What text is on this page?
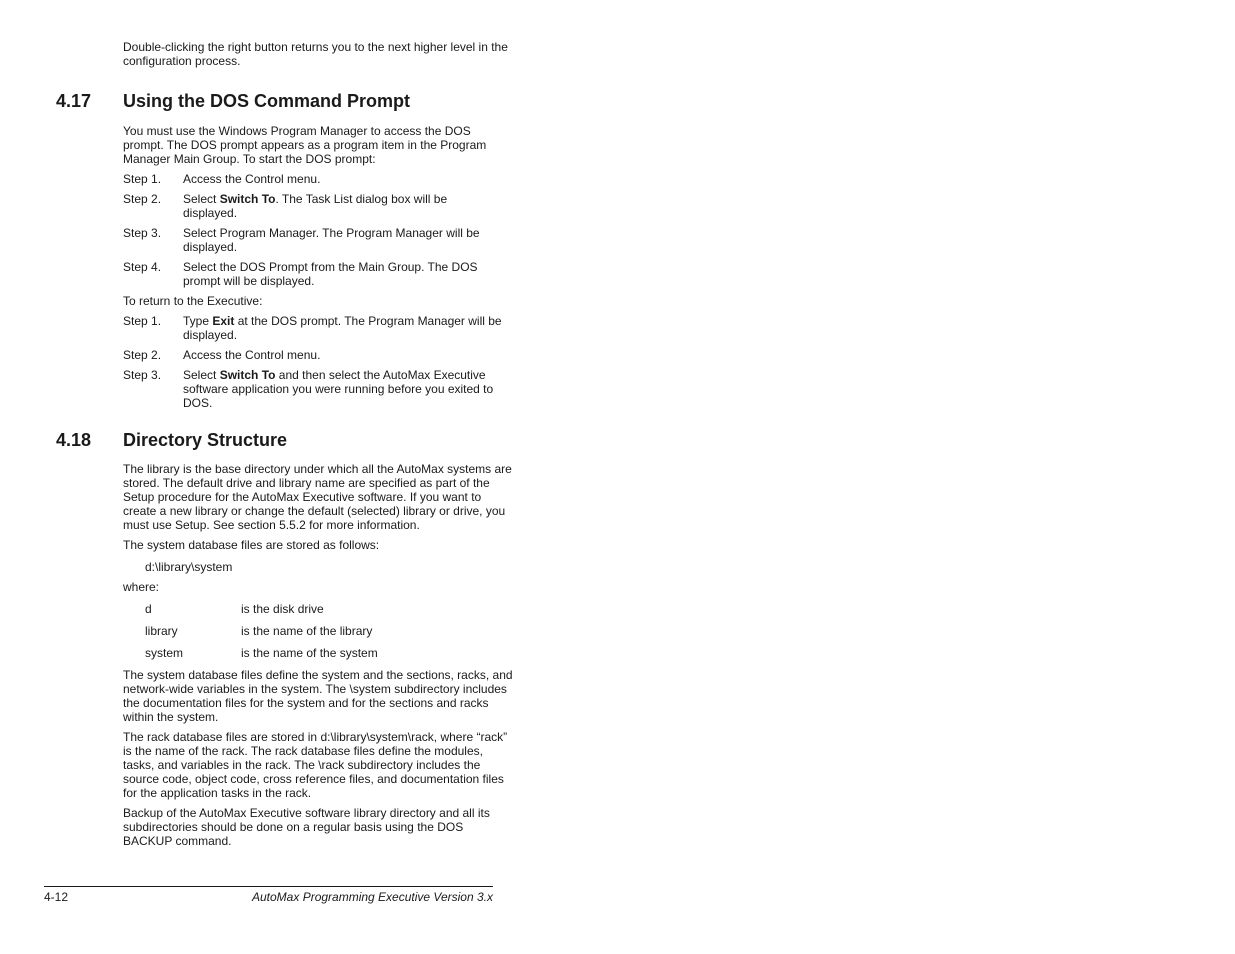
Double-clicking the right button returns you to the next higher level in the configuration process.
4.17 Using the DOS Command Prompt

You must use the Windows Program Manager to access the DOS prompt. The DOS prompt appears as a program item in the Program Manager Main Group. To start the DOS prompt:

Step 1.	Access the Control menu.
Step 2.	Select Switch To. The Task List dialog box will be displayed.
Step 3.	Select Program Manager. The Program Manager will be displayed.
Step 4.	Select the DOS Prompt from the Main Group. The DOS prompt will be displayed.

To return to the Executive:

Step 1.	Type Exit at the DOS prompt. The Program Manager will be displayed.
Step 2.	Access the Control menu.
Step 3.	Select Switch To and then select the AutoMax Executive software application you were running before you exited to DOS.
4.18 Directory Structure

The library is the base directory under which all the AutoMax systems are stored. The default drive and library name are specified as part of the Setup procedure for the AutoMax Executive software. If you want to create a new library or change the default (selected) library or drive, you must use Setup. See section 5.5.2 for more information.

The system database files are stored as follows:

d:\library\system

where:

d	is the disk drive
library	is the name of the library
system	is the name of the system

The system database files define the system and the sections, racks, and network-wide variables in the system. The \system subdirectory includes the documentation files for the system and for the sections and racks within the system.

The rack database files are stored in d:\library\system\rack, where “rack” is the name of the rack. The rack database files define the modules, tasks, and variables in the rack. The \rack subdirectory includes the source code, object code, cross reference files, and documentation files for the application tasks in the rack.

Backup of the AutoMax Executive software library directory and all its subdirectories should be done on a regular basis using the DOS BACKUP command.

4-12	AutoMax Programming Executive Version 3.x
